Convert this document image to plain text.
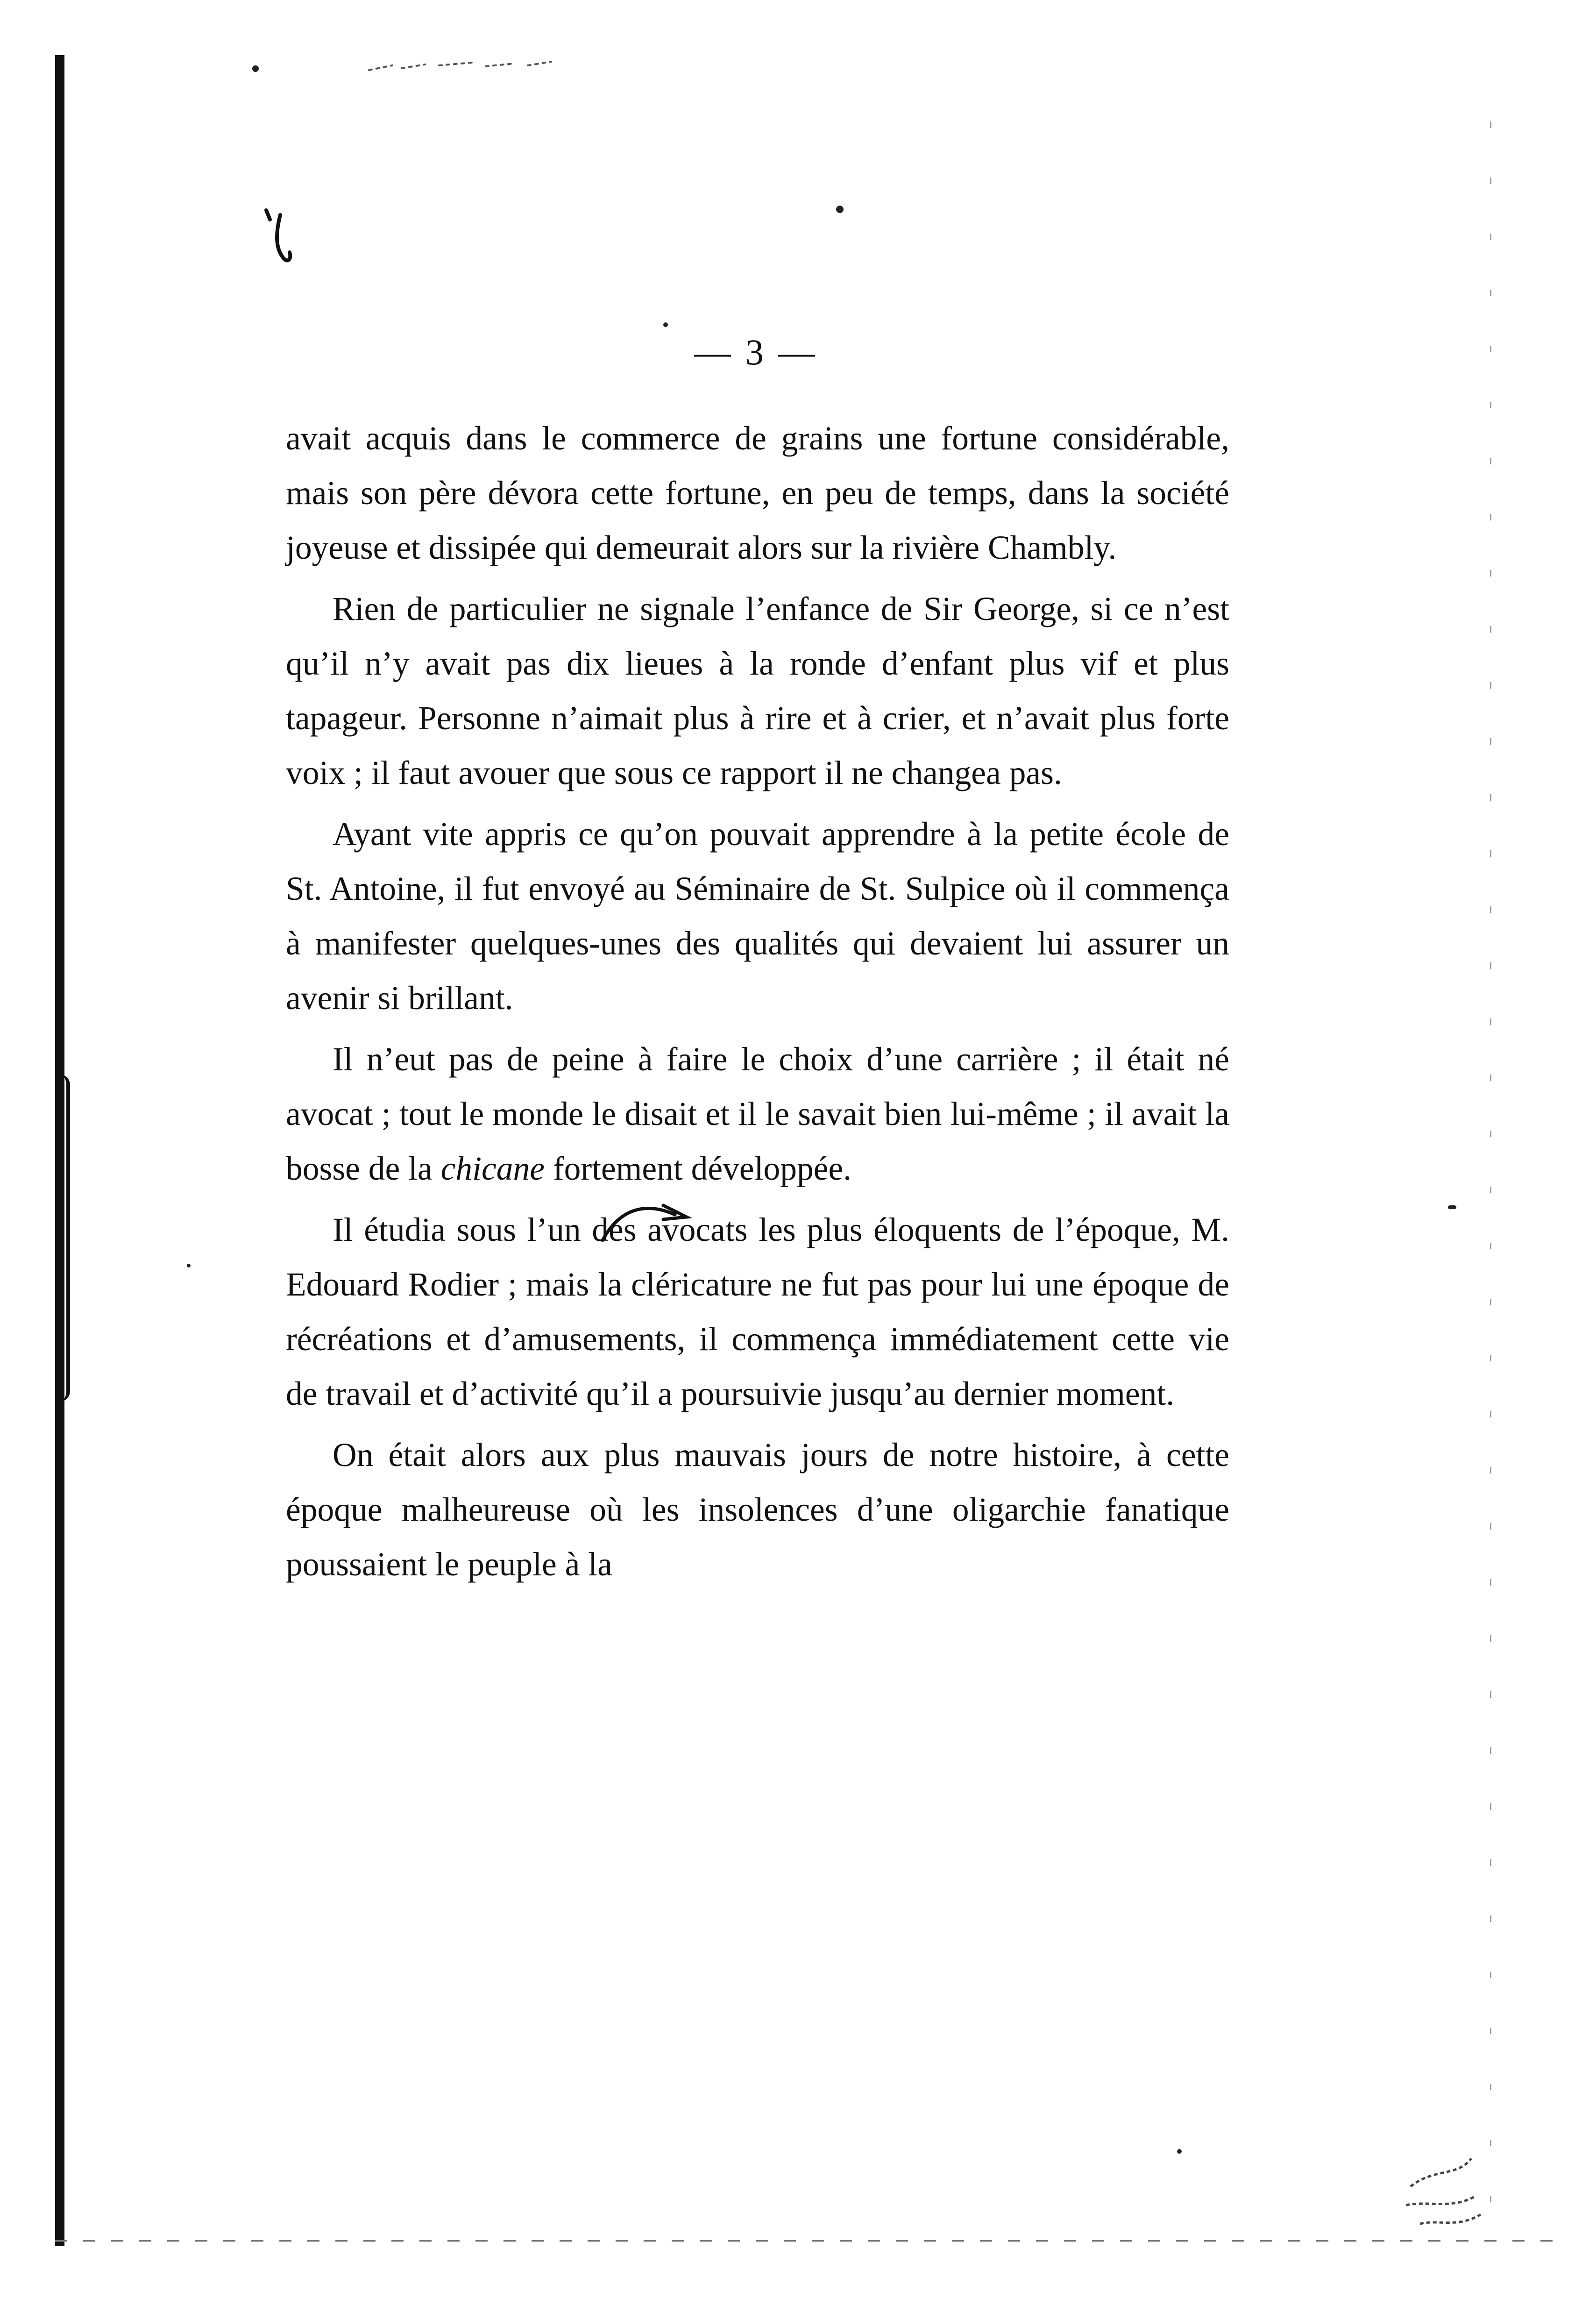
— 3 —

avait acquis dans le commerce de grains une fortune considérable, mais son père dévora cette fortune, en peu de temps, dans la société joyeuse et dissipée qui demeurait alors sur la rivière Chambly.

Rien de particulier ne signale l’enfance de Sir George, si ce n’est qu’il n’y avait pas dix lieues à la ronde d’enfant plus vif et plus tapageur. Personne n’aimait plus à rire et à crier, et n’avait plus forte voix ; il faut avouer que sous ce rapport il ne changea pas.

Ayant vite appris ce qu’on pouvait apprendre à la petite école de St. Antoine, il fut envoyé au Séminaire de St. Sulpice où il commença à manifester quelques-unes des qualités qui devaient lui assurer un avenir si brillant.

Il n’eut pas de peine à faire le choix d’une carrière ; il était né avocat ; tout le monde le disait et il le savait bien lui-même ; il avait la bosse de la chicane fortement développée.

Il étudia sous l’un des avocats les plus éloquents de l’époque, M. Edouard Rodier ; mais la cléricature ne fut pas pour lui une époque de récréations et d’amusements, il commença immédiatement cette vie de travail et d’activité qu’il a poursuivie jusqu’au dernier moment.

On était alors aux plus mauvais jours de notre histoire, à cette époque malheureuse où les insolences d’une oligarchie fanatique poussaient le peuple à la
